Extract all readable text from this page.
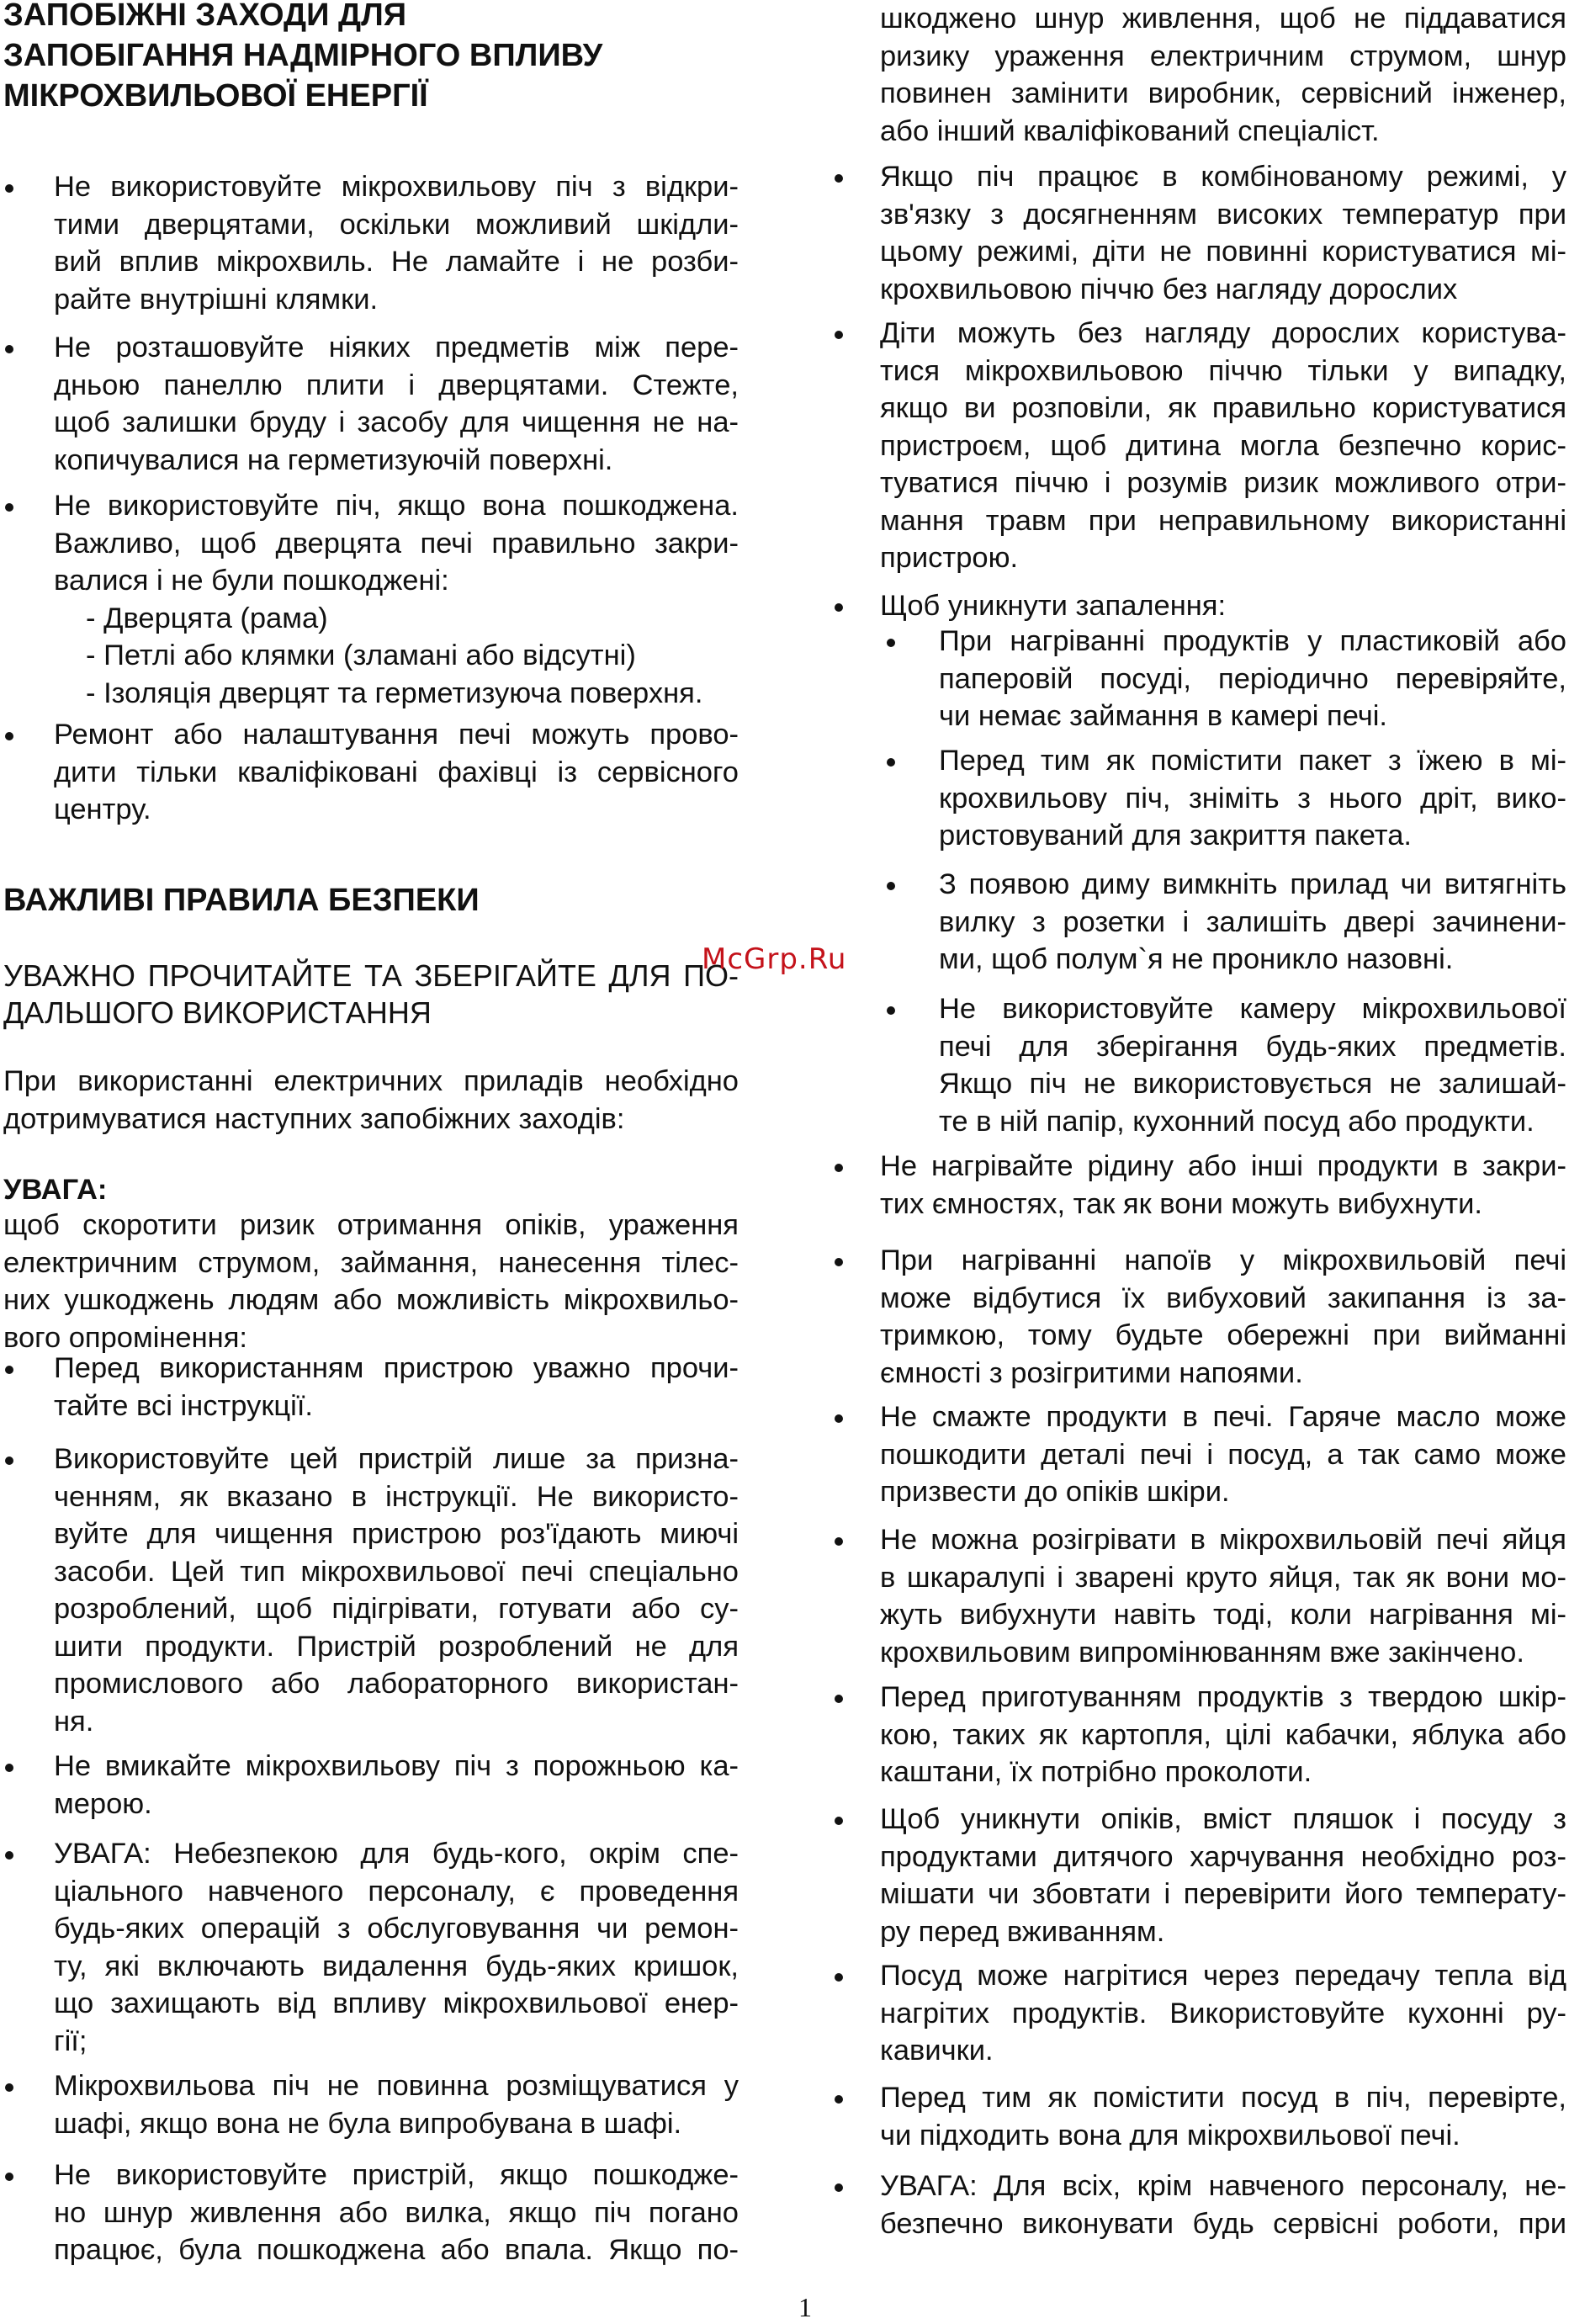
ЗАПОБІЖНІ ЗАХОДИ ДЛЯ
ЗАПОБІГАННЯ НАДМІРНОГО ВПЛИВУ
МІКРОХВИЛЬОВОЇ ЕНЕРГІЇ
Не використовуйте мікрохвильову піч з відкри-
тими дверцятами, оскільки можливий шкідли-
вий вплив мікрохвиль. Не ламайте і не розби-
райте внутрішні клямки.
Не розташовуйте ніяких предметів між пере-
дньою панеллю плити і дверцятами. Стежте,
щоб залишки бруду і засобу для чищення не на-
копичувалися на герметизуючій поверхні.
Не використовуйте піч, якщо вона пошкоджена.
Важливо, щоб дверцята печі правильно закри-
валися і не були пошкоджені:
- Дверцята (рама)
- Петлі або клямки (зламані або відсутні)
- Ізоляція дверцят та герметизуюча поверхня.
Ремонт або налаштування печі можуть прово-
дити тільки кваліфіковані фахівці із сервісного
центру.
ВАЖЛИВІ ПРАВИЛА БЕЗПЕКИ
УВАЖНО ПРОЧИТАЙТЕ ТА ЗБЕРІГАЙТЕ ДЛЯ ПО-
ДАЛЬШОГО ВИКОРИСТАННЯ
При використанні електричних приладів необхідно
дотримуватися наступних запобіжних заходів:
УВАГА:
щоб скоротити ризик отримання опіків, ураження
електричним струмом, займання, нанесення тілес-
них ушкоджень людям або можливість мікрохвильо-
вого опромінення:
Перед використанням пристрою уважно прочи-
тайте всі інструкції.
Використовуйте цей пристрій лише за призна-
ченням, як вказано в інструкції. Не використо-
вуйте для чищення пристрою роз'їдають миючі
засоби. Цей тип мікрохвильової печі спеціально
розроблений, щоб підігрівати, готувати або су-
шити продукти. Пристрій розроблений не для
промислового або лабораторного використан-
ня.
Не вмикайте мікрохвильову піч з порожньою ка-
мерою.
УВАГА: Небезпекою для будь-кого, окрім спе-
ціального навченого персоналу, є проведення
будь-яких операцій з обслуговування чи ремон-
ту, які включають видалення будь-яких кришок,
що захищають від впливу мікрохвильової енер-
гії;
Мікрохвильова піч не повинна розміщуватися у
шафі, якщо вона не була випробувана в шафі.
Не використовуйте пристрій, якщо пошкодже-
но шнур живлення або вилка, якщо піч погано
працює, була пошкоджена або впала. Якщо по-
шкоджено шнур живлення, щоб не піддаватися
ризику ураження електричним струмом, шнур
повинен замінити виробник, сервісний інженер,
або інший кваліфікований спеціаліст.
Якщо піч працює в комбінованому режимі, у
зв'язку з досягненням високих температур при
цьому режимі, діти не повинні користуватися мі-
крохвильовою піччю без нагляду дорослих
Діти можуть без нагляду дорослих користува-
тися мікрохвильовою піччю тільки у випадку,
якщо ви розповіли, як правильно користуватися
пристроєм, щоб дитина могла безпечно корис-
туватися піччю і розумів ризик можливого отри-
мання травм при неправильному використанні
пристрою.
Щоб уникнути запалення:
При нагріванні продуктів у пластиковій або
паперовій посуді, періодично перевіряйте,
чи немає займання в камері печі.
Перед тим як помістити пакет з їжею в мі-
крохвильову піч, зніміть з нього дріт, вико-
ристовуваний для закриття пакета.
З появою диму вимкніть прилад чи витягніть
вилку з розетки і залишіть двері зачинени-
ми, щоб полум`я не проникло назовні.
Не використовуйте камеру мікрохвильової
печі для зберігання будь-яких предметів.
Якщо піч не використовується не залишай-
те в ній папір, кухонний посуд або продукти.
Не нагрівайте рідину або інші продукти в закри-
тих ємностях, так як вони можуть вибухнути.
При нагріванні напоїв у мікрохвильовій печі
може відбутися їх вибуховий закипання із за-
тримкою, тому будьте обережні при вийманні
ємності з розігритими напоями.
Не смажте продукти в печі. Гаряче масло може
пошкодити деталі печі і посуд, а так само може
призвести до опіків шкіри.
Не можна розігрівати в мікрохвильовій печі яйця
в шкаралупі і зварені круто яйця, так як вони мо-
жуть вибухнути навіть тоді, коли нагрівання мі-
крохвильовим випромінюванням вже закінчено.
Перед приготуванням продуктів з твердою шкір-
кою, таких як картопля, цілі кабачки, яблука або
каштани, їх потрібно проколоти.
Щоб уникнути опіків, вміст пляшок і посуду з
продуктами дитячого харчування необхідно роз-
мішати чи збовтати і перевірити його температу-
ру перед вживанням.
Посуд може нагрітися через передачу тепла від
нагрітих продуктів. Використовуйте кухонні ру-
кавички.
Перед тим як помістити посуд в піч, перевірте,
чи підходить вона для мікрохвильової печі.
УВАГА: Для всіх, крім навченого персоналу, не-
безпечно виконувати будь сервісні роботи, при
McGrp.Ru
1
